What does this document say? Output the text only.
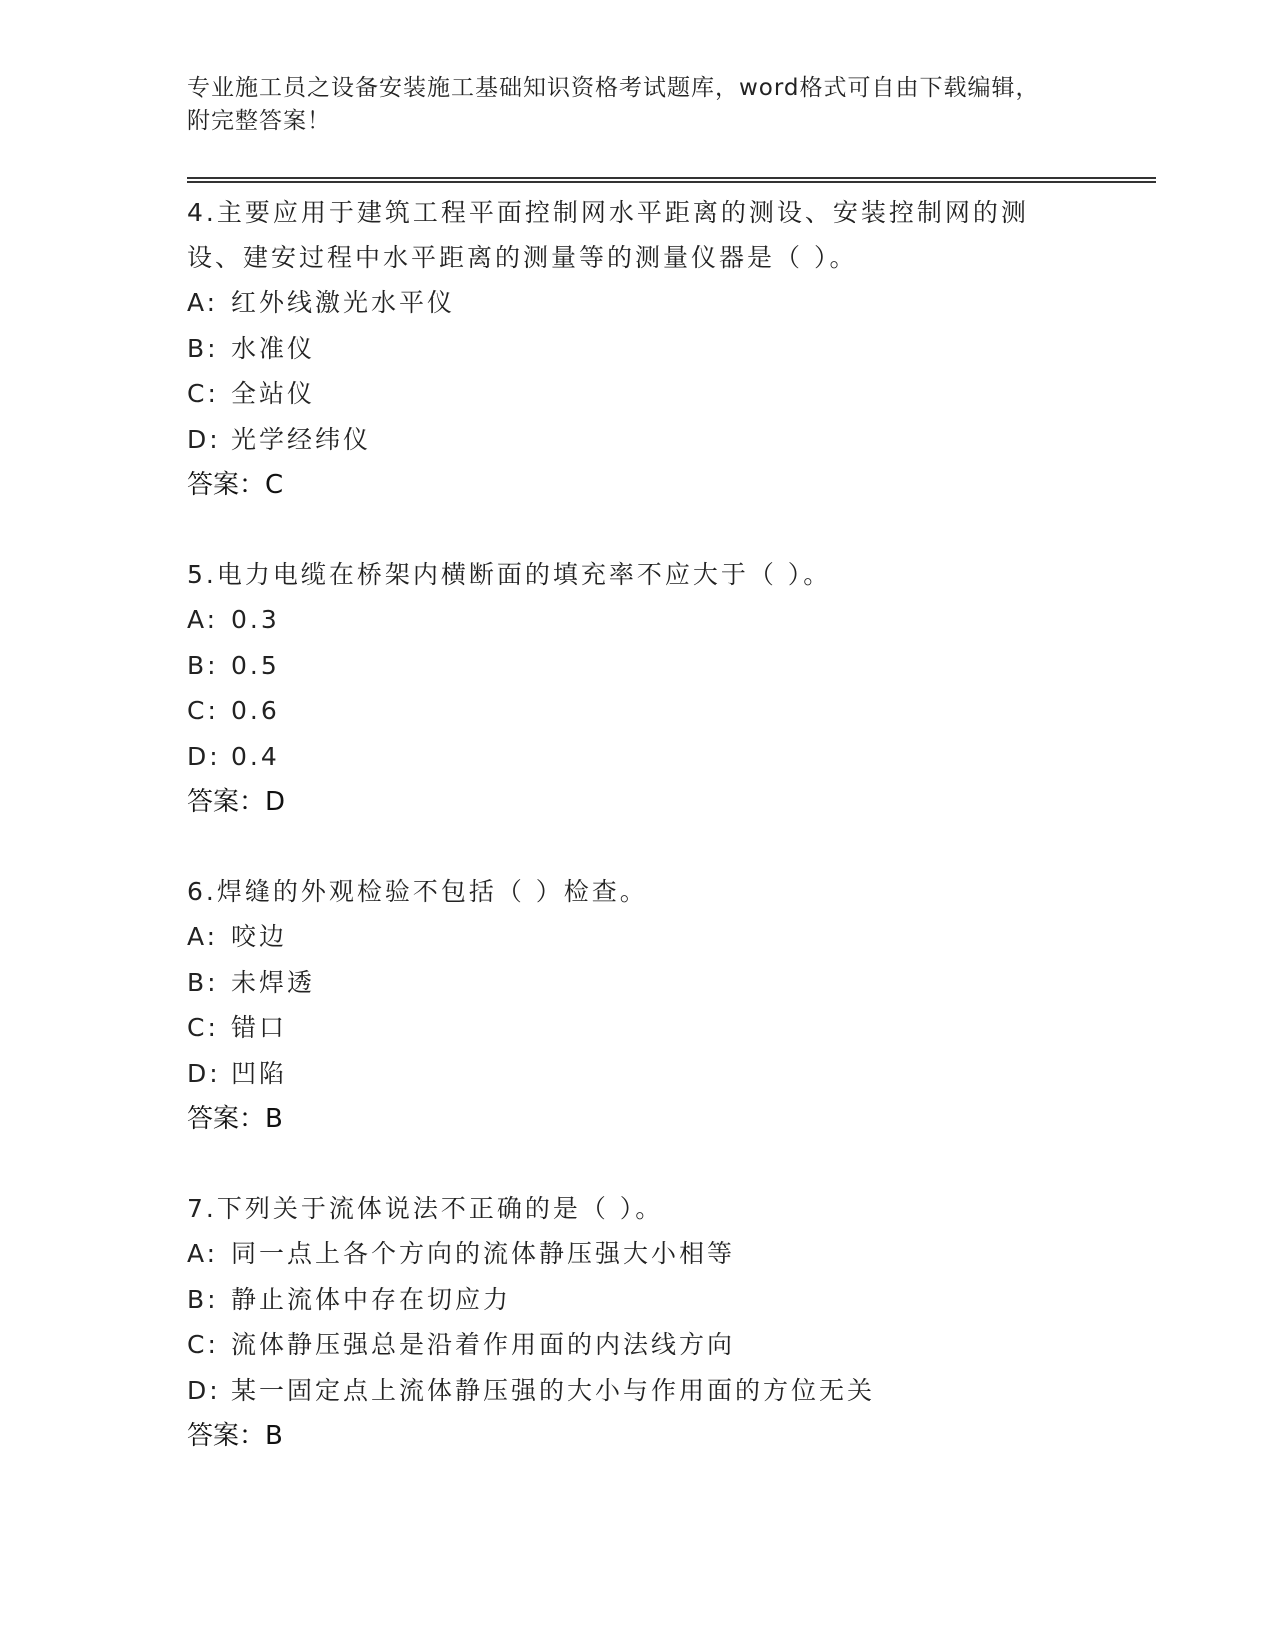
专业施工员之设备安装施工基础知识资格考试题库，word格式可自由下载编辑，
附完整答案！
4.主要应用于建筑工程平面控制网水平距离的测设、安装控制网的测
设、建安过程中水平距离的测量等的测量仪器是（ ）。
A: 红外线激光水平仪
B: 水准仪
C: 全站仪
D: 光学经纬仪
答案：C
5.电力电缆在桥架内横断面的填充率不应大于（ ）。
A: 0.3
B: 0.5
C: 0.6
D: 0.4
答案：D
6.焊缝的外观检验不包括（ ）检查。
A: 咬边
B: 未焊透
C: 错口
D: 凹陷
答案：B
7.下列关于流体说法不正确的是（ ）。
A: 同一点上各个方向的流体静压强大小相等
B: 静止流体中存在切应力
C: 流体静压强总是沿着作用面的内法线方向
D: 某一固定点上流体静压强的大小与作用面的方位无关
答案：B
